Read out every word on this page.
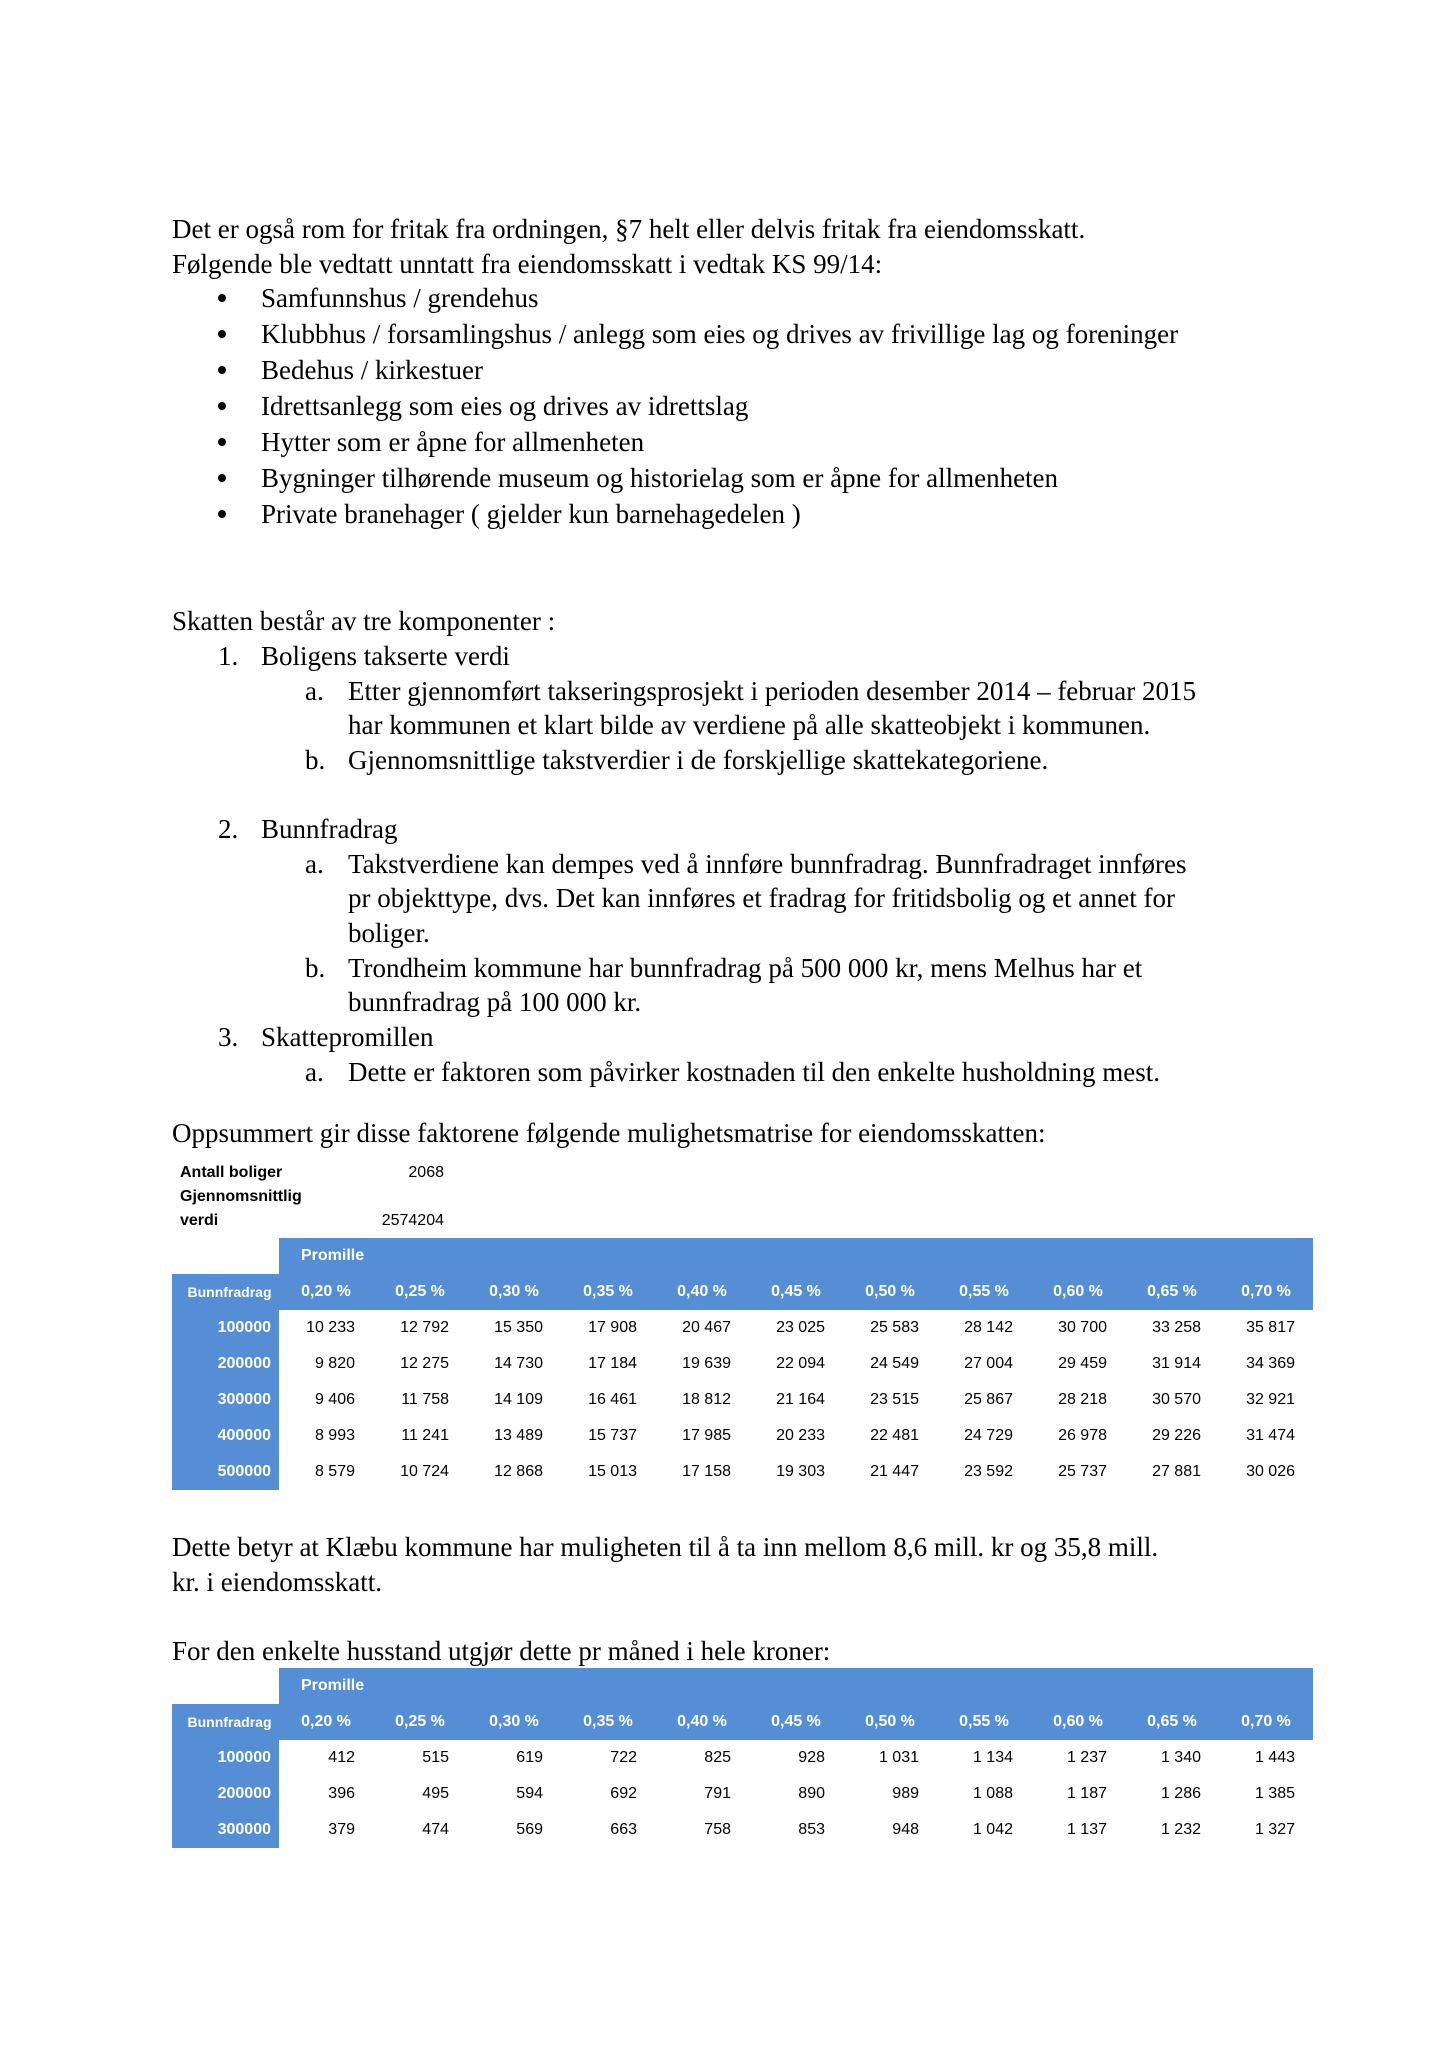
Det er også rom for fritak fra ordningen, §7 helt eller delvis fritak fra eiendomsskatt.
Følgende ble vedtatt unntatt fra eiendomsskatt i vedtak KS 99/14:
Samfunnshus / grendehus
Klubbhus / forsamlingshus / anlegg som eies og drives av frivillige lag og foreninger
Bedehus / kirkestuer
Idrettsanlegg som eies og drives av idrettslag
Hytter som er åpne for allmenheten
Bygninger tilhørende museum og historielag som er åpne for allmenheten
Private branehager ( gjelder kun barnehagedelen )
Skatten består av tre komponenter :
1. Boligens takserte verdi
a. Etter gjennomført takseringsprosjekt i perioden desember 2014 – februar 2015
har kommunen et klart bilde av verdiene på alle skatteobjekt i kommunen.
b. Gjennomsnittlige takstverdier i de forskjellige skattekategoriene.
2. Bunnfradrag
a. Takstverdiene kan dempes ved å innføre bunnfradrag. Bunnfradraget innføres
pr objekttype, dvs. Det kan innføres et fradrag for fritidsbolig og et annet for
boliger.
b. Trondheim kommune har bunnfradrag på 500 000 kr, mens Melhus har et
bunnfradrag på 100 000 kr.
3. Skattepromillen
a. Dette er faktoren som påvirker kostnaden til den enkelte husholdning mest.
Oppsummert gir disse faktorene følgende mulighetsmatrise for eiendomsskatten:
Antall boliger	2068
Gjennomsnittlig
verdi	2574204
	Promille										
Bunnfradrag	0,20 %	0,25 %	0,30 %	0,35 %	0,40 %	0,45 %	0,50 %	0,55 %	0,60 %	0,65 %	0,70 %
100000	10 233	12 792	15 350	17 908	20 467	23 025	25 583	28 142	30 700	33 258	35 817
200000	9 820	12 275	14 730	17 184	19 639	22 094	24 549	27 004	29 459	31 914	34 369
300000	9 406	11 758	14 109	16 461	18 812	21 164	23 515	25 867	28 218	30 570	32 921
400000	8 993	11 241	13 489	15 737	17 985	20 233	22 481	24 729	26 978	29 226	31 474
500000	8 579	10 724	12 868	15 013	17 158	19 303	21 447	23 592	25 737	27 881	30 026
Dette betyr at Klæbu kommune har muligheten til å ta inn mellom 8,6 mill. kr og 35,8 mill.
kr. i eiendomsskatt.
For den enkelte husstand utgjør dette pr måned i hele kroner:
	Promille										
Bunnfradrag	0,20 %	0,25 %	0,30 %	0,35 %	0,40 %	0,45 %	0,50 %	0,55 %	0,60 %	0,65 %	0,70 %
100000	412	515	619	722	825	928	1 031	1 134	1 237	1 340	1 443
200000	396	495	594	692	791	890	989	1 088	1 187	1 286	1 385
300000	379	474	569	663	758	853	948	1 042	1 137	1 232	1 327
